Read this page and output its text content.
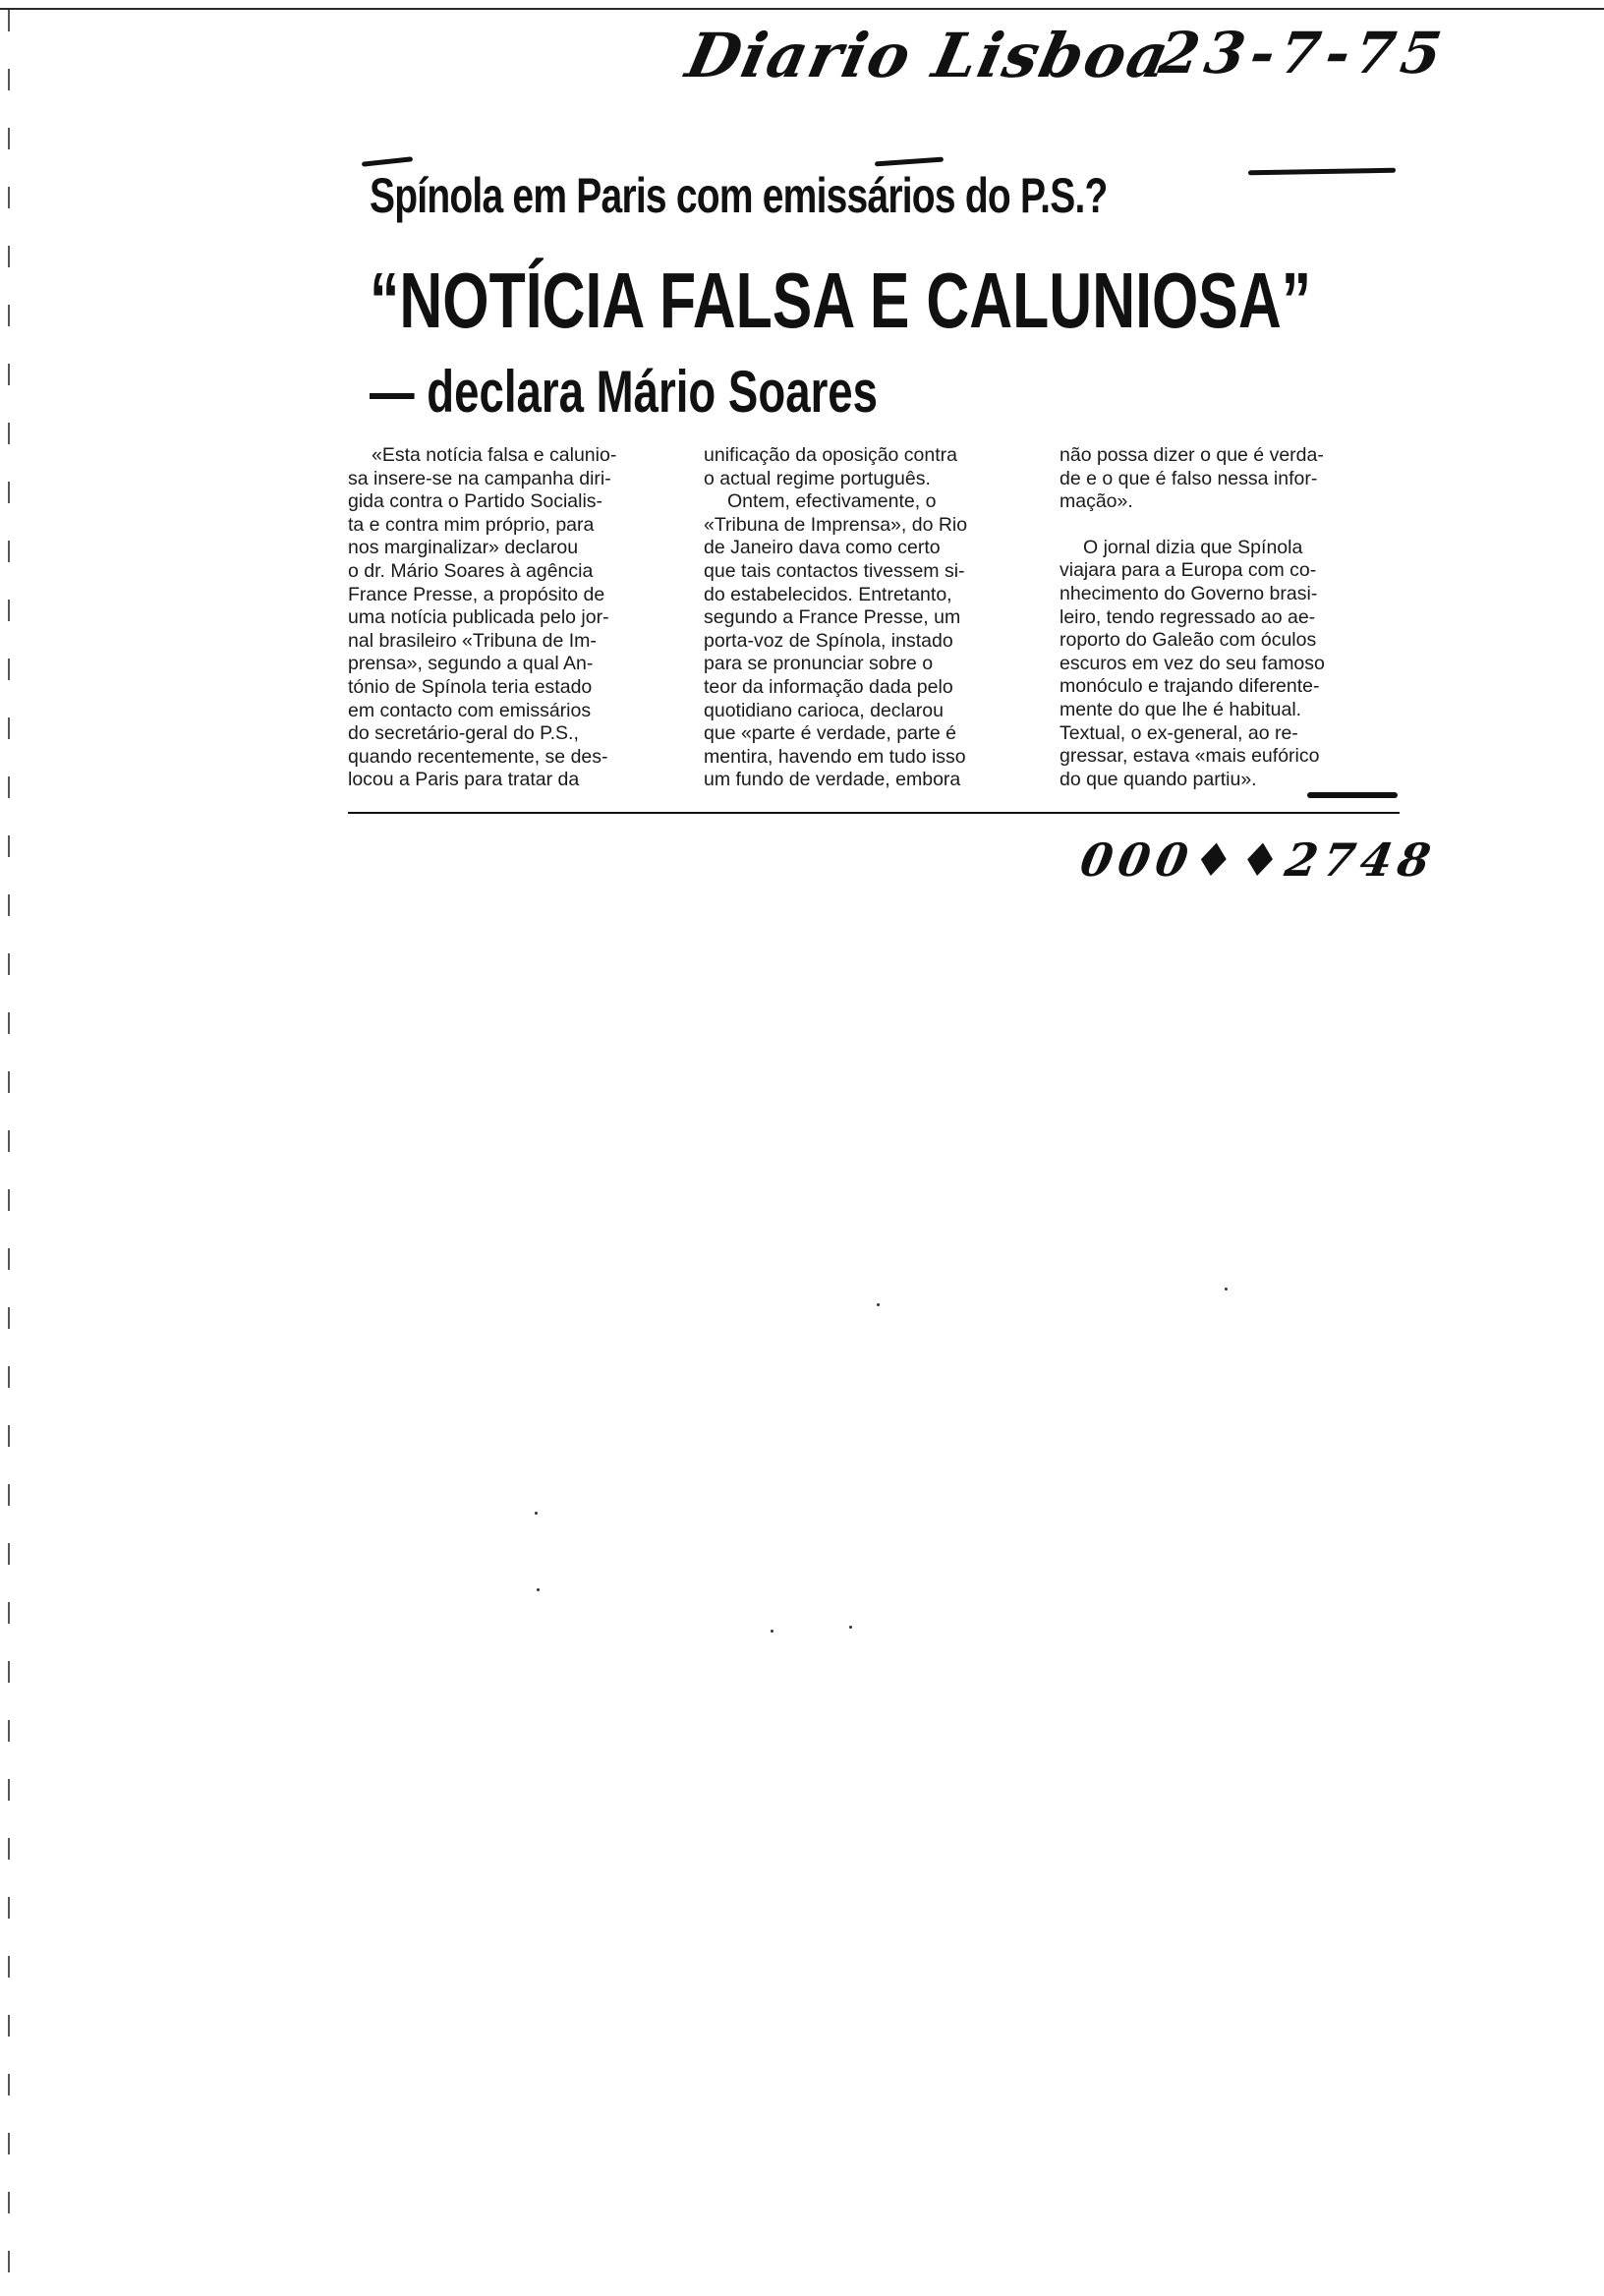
Diario Lisboa
23-7-75
Spínola em Paris com emissários do P.S.?
“NOTÍCIA FALSA E CALUNIOSA”
— declara Mário Soares

«Esta notícia falsa e calunio-
sa insere-se na campanha diri-
gida contra o Partido Socialis-
ta e contra mim próprio, para
nos marginalizar» declarou
o dr. Mário Soares à agência
France Presse, a propósito de
uma notícia publicada pelo jor-
nal brasileiro «Tribuna de Im-
prensa», segundo a qual An-
tónio de Spínola teria estado
em contacto com emissários
do secretário-geral do P.S.,
quando recentemente, se des-
locou a Paris para tratar da

unificação da oposição contra
o actual regime português.

Ontem, efectivamente, o
«Tribuna de Imprensa», do Rio
de Janeiro dava como certo
que tais contactos tivessem si-
do estabelecidos. Entretanto,
segundo a France Presse, um
porta-voz de Spínola, instado
para se pronunciar sobre o
teor da informação dada pelo
quotidiano carioca, declarou
que «parte é verdade, parte é
mentira, havendo em tudo isso
um fundo de verdade, embora

não possa dizer o que é verda-
de e o que é falso nessa infor-
mação».

O jornal dizia que Spínola
viajara para a Europa com co-
nhecimento do Governo brasi-
leiro, tendo regressado ao ae-
roporto do Galeão com óculos
escuros em vez do seu famoso
monóculo e trajando diferente-
mente do que lhe é habitual.
Textual, o ex-general, ao re-
gressar, estava «mais eufórico
do que quando partiu».

000♦♦2748
